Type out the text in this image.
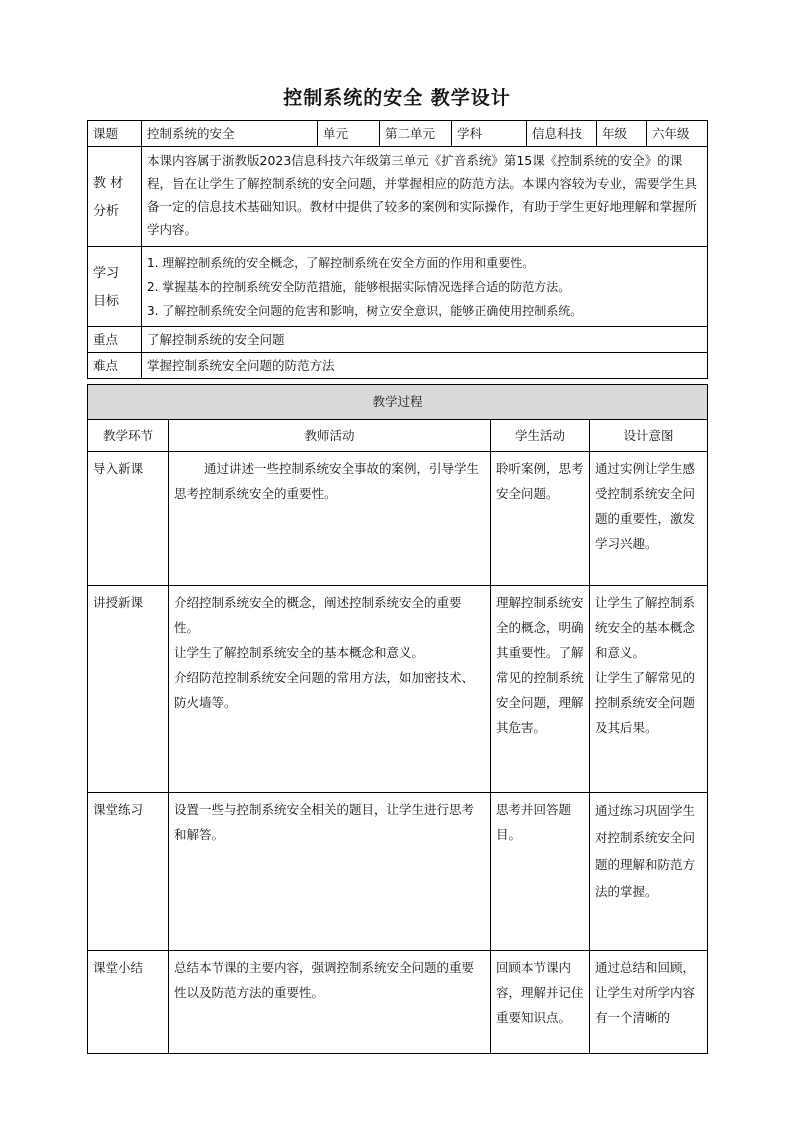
控制系统的安全 教学设计
课题	控制系统的安全	单元	第二单元	学科	信息科技	年级	六年级
教 材
分析	本课内容属于浙教版2023信息科技六年级第三单元《扩音系统》第15课《控制系统的安全》的课程，旨在让学生了解控制系统的安全问题，并掌握相应的防范方法。本课内容较为专业，需要学生具备一定的信息技术基础知识。教材中提供了较多的案例和实际操作，有助于学生更好地理解和掌握所学内容。						
学习
目标	1. 理解控制系统的安全概念，了解控制系统在安全方面的作用和重要性。
2. 掌握基本的控制系统安全防范措施，能够根据实际情况选择合适的防范方法。
3. 了解控制系统安全问题的危害和影响，树立安全意识，能够正确使用控制系统。						

重点	了解控制系统的安全问题						
难点	掌握控制系统安全问题的防范方法						
教学过程			
教学环节	教师活动	学生活动	设计意图
导入新课	通过讲述一些控制系统安全事故的案例，引导学生思考控制系统安全的重要性。	聆听案例，思考安全问题。	通过实例让学生感受控制系统安全问题的重要性，激发学习兴趣。
讲授新课	介绍控制系统安全的概念，阐述控制系统安全的重要性。
让学生了解控制系统安全的基本概念和意义。
介绍防范控制系统安全问题的常用方法，如加密技术、防火墙等。	理解控制系统安全的概念，明确其重要性。了解常见的控制系统安全问题，理解其危害。	让学生了解控制系统安全的基本概念和意义。
让学生了解常见的控制系统安全问题及其后果。
课堂练习	设置一些与控制系统安全相关的题目，让学生进行思考和解答。	思考并回答题目。	通过练习巩固学生对控制系统安全问题的理解和防范方法的掌握。
课堂小结	总结本节课的主要内容，强调控制系统安全问题的重要性以及防范方法的重要性。	回顾本节课内容，理解并记住重要知识点。	通过总结和回顾，让学生对所学内容有一个清晰的
